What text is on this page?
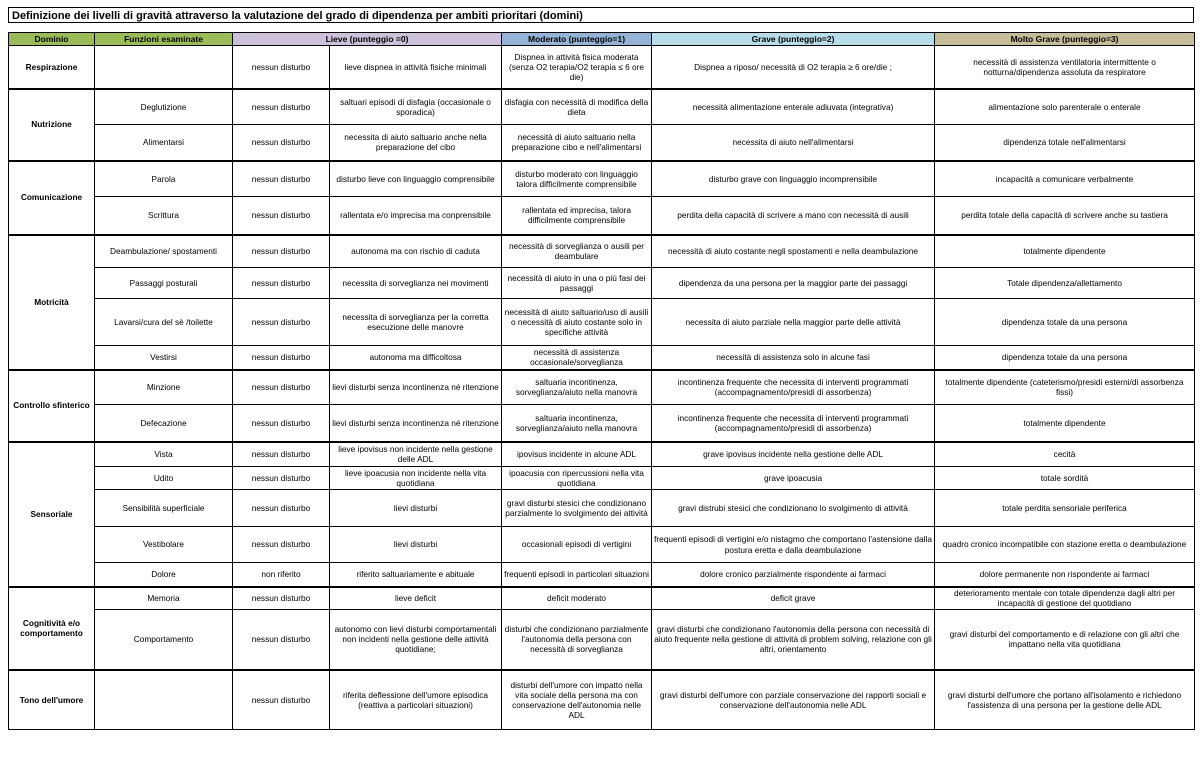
Definizione dei livelli di gravità attraverso la valutazione del grado di dipendenza per ambiti prioritari (domini)
Dominio	Funzioni esaminate	Lieve (punteggio =0)		Moderato (punteggio=1)	Grave (punteggio=2)	Molto Grave (punteggio=3)
Respirazione		nessun disturbo	lieve dispnea in attività fisiche minimali	Dispnea in attività fisica moderata (senza O2 terapia/O2 terapia ≤ 6 ore die)	Dispnea a riposo/ necessità di O2 terapia ≥ 6 ore/die ;	necessità di assistenza ventilatoria intermittente o notturna/dipendenza assoluta da respiratore
Nutrizione	Deglutizione	nessun disturbo	saltuari episodi di disfagia (occasionale o sporadica)	disfagia con necessità di modifica della dieta	necessità alimentazione enterale adiuvata (integrativa)	alimentazione solo parenterale o enterale
	Alimentarsi	nessun disturbo	necessita di aiuto saltuario anche nella preparazione del cibo	necessità di aiuto saltuario nella preparazione cibo e nell'alimentarsi	necessita di aiuto nell'alimentarsi	dipendenza totale nell'alimentarsi
Comunicazione	Parola	nessun disturbo	disturbo lieve con linguaggio comprensibile	disturbo moderato con linguaggio talora difficilmente comprensibile	disturbo grave con linguaggio incomprensibile	incapacità a comunicare verbalmente
	Scrittura	nessun disturbo	rallentata e/o imprecisa ma conprensibile	rallentata ed imprecisa, talora difficilmente comprensibile	perdita della capacità di scrivere a mano con necessità di ausili	perdita totale della capacità di scrivere anche su tastiera
Motricità	Deambulazione/ spostamenti	nessun disturbo	autonoma ma con rischio di caduta	necessità di sorveglianza o ausili per deambulare	necessità di aiuto costante negli spostamenti e nella deambulazione	totalmente dipendente
	Passaggi posturali	nessun disturbo	necessita di sorveglianza nei movimenti	necessità di aiuto in una o più fasi dei passaggi	dipendenza da una persona per la maggior parte dei passaggi	Totale dipendenza/allettamento
	Lavarsi/cura del sè /toilette	nessun disturbo	necessita di sorveglianza per la corretta esecuzione delle manovre	necessità di aiuto saltuario/uso di ausili o necessità di aiuto costante solo in specifiche attività	necessita di aiuto parziale nella maggior parte delle attività	dipendenza totale da una persona
	Vestirsi	nessun disturbo	autonoma ma difficoltosa	necessità di assistenza occasionale/sorveglianza	necessità di assistenza solo in alcune fasi	dipendenza totale da una persona
Controllo sfinterico	Minzione	nessun disturbo	lievi disturbi senza incontinenza né ritenzione	saltuaria incontinenza, sorveglianza/aiuto nella manovra	incontinenza frequente che necessita di interventi programmati (accompagnamento/presidi di assorbenza)	totalmente dipendente (cateterismo/presidi esterni/di assorbenza fissi)
	Defecazione	nessun disturbo	lievi disturbi senza incontinenza né ritenzione	saltuaria incontinenza, sorveglianza/aiuto nella manovra	incontinenza frequente che necessita di interventi programmati (accompagnamento/presidi di assorbenza)	totalmente dipendente
Sensoriale	Vista	nessun disturbo	lieve ipovisus non incidente nella gestione delle ADL	ipovisus incidente in alcune ADL	grave ipovisus incidente nella gestione delle ADL	cecità
	Udito	nessun disturbo	lieve ipoacusia non incidente nella vita quotidiana	ipoacusia con ripercussioni nella vita quotidiana	grave ipoacusia	totale sordità
	Sensibilità superficiale	nessun disturbo	lievi disturbi	gravi disturbi stesici che condizionano parzialmente lo svolgimento dei attività	gravi distrubi stesici che condizionano lo svolgimento di attività	totale perdita sensoriale periferica
	Vestibolare	nessun disturbo	lievi disturbi	occasionali episodi di vertigini	frequenti episodi di vertigini e/o nistagmo che comportano l'astensione dalla postura eretta e dalla deambulazione	quadro cronico incompatibile con stazione eretta o deambulazione
	Dolore	non riferito	riferito saltuariamente e abituale	frequenti episodi in particolari situazioni	dolore cronico parzialmente rispondente ai farmaci	dolore permanente non rispondente ai farmaci
Cognitività e/o comportamento	Memoria	nessun disturbo	lieve deficit	deficit moderato	deficit grave	deterioramento mentale con totale dipendenza dagli altri per incapacità di gestione del quotidiano
	Comportamento	nessun disturbo	autonomo con lievi disturbi comportamentali non incidenti nella gestione delle attività quotidiane;	disturbi che condizionano parzialmente l'autonomia della persona con necessità di sorveglianza	gravi disturbi che condizionano l'autonomia della persona con necessità di aiuto frequente nella gestione di attività di problem solving, relazione con gli altri, orientamento	gravi disturbi del comportamento e di relazione con gli altri che impattano nella vita quotidiana
Tono dell'umore		nessun disturbo	riferita deflessione dell'umore episodica (reattiva a particolari situazioni)	disturbi dell'umore con impatto nella vita sociale della persona ma con conservazione dell'autonomia nelle ADL	gravi disturbi dell'umore con parziale conservazione dei rapporti sociali e conservazione dell'autonomia nelle ADL	gravi disturbi dell'umore che portano all'isolamento e richiedono l'assistenza di una persona per la gestione delle ADL
